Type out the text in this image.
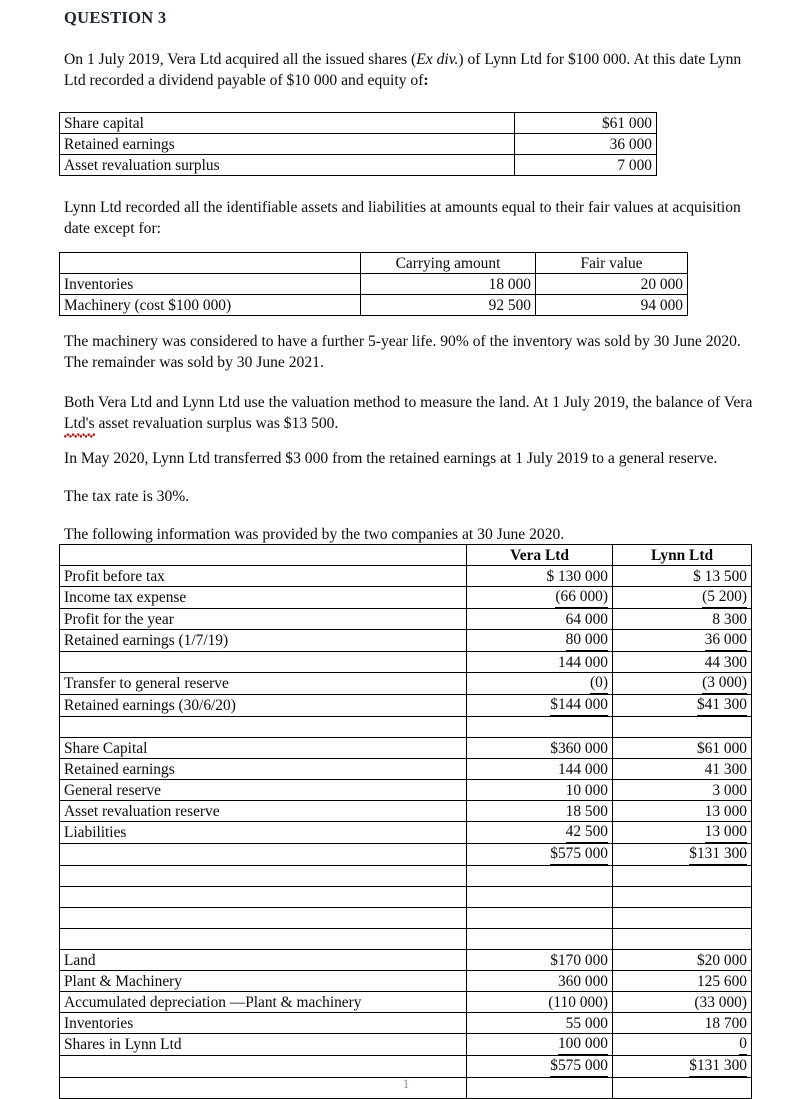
QUESTION 3
On 1 July 2019, Vera Ltd acquired all the issued shares (Ex div.) of Lynn Ltd for $100 000. At this date Lynn Ltd recorded a dividend payable of $10 000 and equity of:
Share capital	$61 000
Retained earnings	36 000
Asset revaluation surplus	7 000
Lynn Ltd recorded all the identifiable assets and liabilities at amounts equal to their fair values at acquisition date except for:
	Carrying amount	Fair value
Inventories	18 000	20 000
Machinery (cost $100 000)	92 500	94 000
The machinery was considered to have a further 5-year life. 90% of the inventory was sold by 30 June 2020. The remainder was sold by 30 June 2021.
Both Vera Ltd and Lynn Ltd use the valuation method to measure the land. At 1 July 2019, the balance of Vera Ltd's asset revaluation surplus was $13 500.
In May 2020, Lynn Ltd transferred $3 000 from the retained earnings at 1 July 2019 to a general reserve.
The tax rate is 30%.
The following information was provided by the two companies at 30 June 2020.
	Vera Ltd	Lynn Ltd
Profit before tax	$ 130 000	$ 13 500
Income tax expense	(66 000)	(5 200)
Profit for the year	64 000	8 300
Retained earnings (1/7/19)	80 000	36 000
	144 000	44 300
Transfer to general reserve	(0)	(3 000)
Retained earnings (30/6/20)	$144 000	$41 300

Share Capital	$360 000	$61 000
Retained earnings	144 000	41 300
General reserve	10 000	3 000
Asset revaluation reserve	18 500	13 000
Liabilities	42 500	13 000
	$575 000	$131 300

Land	$170 000	$20 000
Plant & Machinery	360 000	125 600
Accumulated depreciation —Plant & machinery	(110 000)	(33 000)
Inventories	55 000	18 700
Shares in Lynn Ltd	100 000	0
	$575 000	$131 300

1
